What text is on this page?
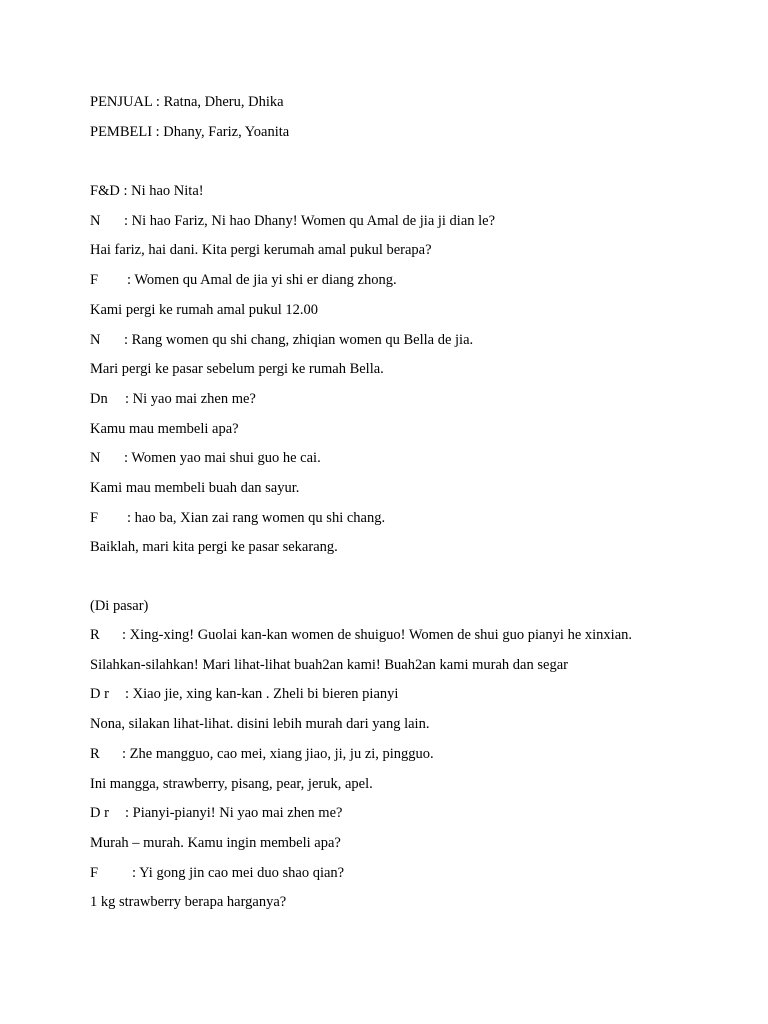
PENJUAL : Ratna, Dheru, Dhika
PEMBELI : Dhany, Fariz, Yoanita
F&D : Ni hao Nita!
N : Ni hao Fariz, Ni hao Dhany! Women qu Amal de jia ji dian le?
Hai fariz, hai dani. Kita pergi kerumah amal pukul berapa?
F : Women qu Amal de jia yi shi er diang zhong.
Kami pergi ke rumah amal pukul 12.00
N : Rang women qu shi chang, zhiqian women qu Bella de jia.
Mari pergi ke pasar sebelum pergi ke rumah Bella.
Dn : Ni yao mai zhen me?
Kamu mau membeli apa?
N : Women yao mai shui guo he cai.
Kami mau membeli buah dan sayur.
F : hao ba, Xian zai rang women qu shi chang.
Baiklah, mari kita pergi ke pasar sekarang.
(Di pasar)
R : Xing-xing! Guolai kan-kan women de shuiguo! Women de shui guo pianyi he xinxian.
Silahkan-silahkan! Mari lihat-lihat buah2an kami! Buah2an kami murah dan segar
D r : Xiao jie, xing kan-kan . Zheli bi bieren pianyi
Nona, silakan lihat-lihat. disini lebih murah dari yang lain.
R : Zhe mangguo, cao mei, xiang jiao, ji, ju zi, pingguo.
Ini mangga, strawberry, pisang, pear, jeruk, apel.
D r : Pianyi-pianyi! Ni yao mai zhen me?
Murah – murah. Kamu ingin membeli apa?
F : Yi gong jin cao mei duo shao qian?
1 kg strawberry berapa harganya?
